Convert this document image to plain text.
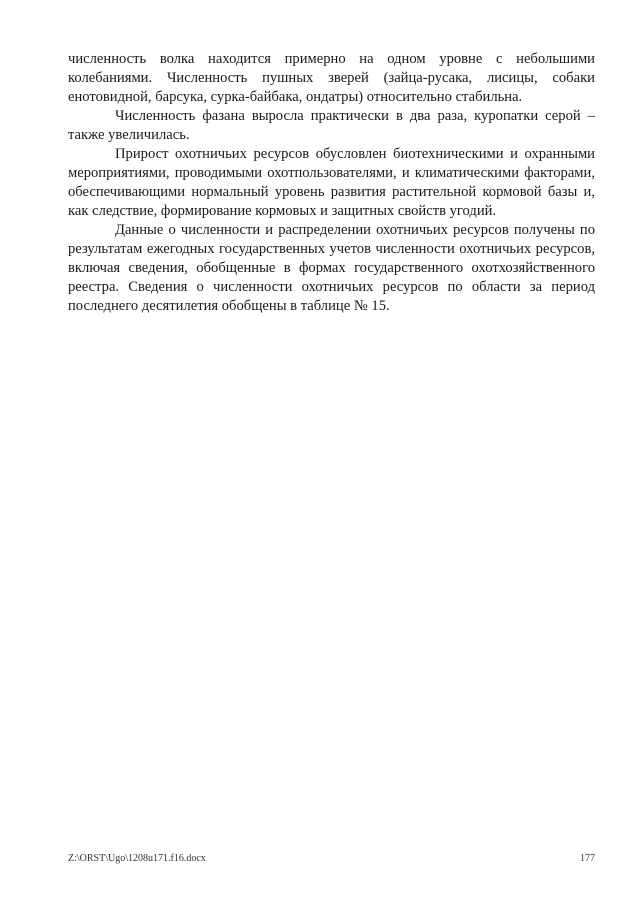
численность волка находится примерно на одном уровне с небольшими колебаниями. Численность пушных зверей (зайца-русака, лисицы, собаки енотовидной, барсука, сурка-байбака, ондатры) относительно стабильна.

Численность фазана выросла практически в два раза, куропатки серой – также увеличилась.

Прирост охотничьих ресурсов обусловлен биотехническими и охранными мероприятиями, проводимыми охотпользователями, и климатическими факторами, обеспечивающими нормальный уровень развития растительной кормовой базы и, как следствие, формирование кормовых и защитных свойств угодий.

Данные о численности и распределении охотничьих ресурсов получены по результатам ежегодных государственных учетов численности охотничьих ресурсов, включая сведения, обобщенные в формах государственного охотхозяйственного реестра. Сведения о численности охотничьих ресурсов по области за период последнего десятилетия обобщены в таблице № 15.

Z:\ORST\Ugo\1208u171.f16.docx	177
